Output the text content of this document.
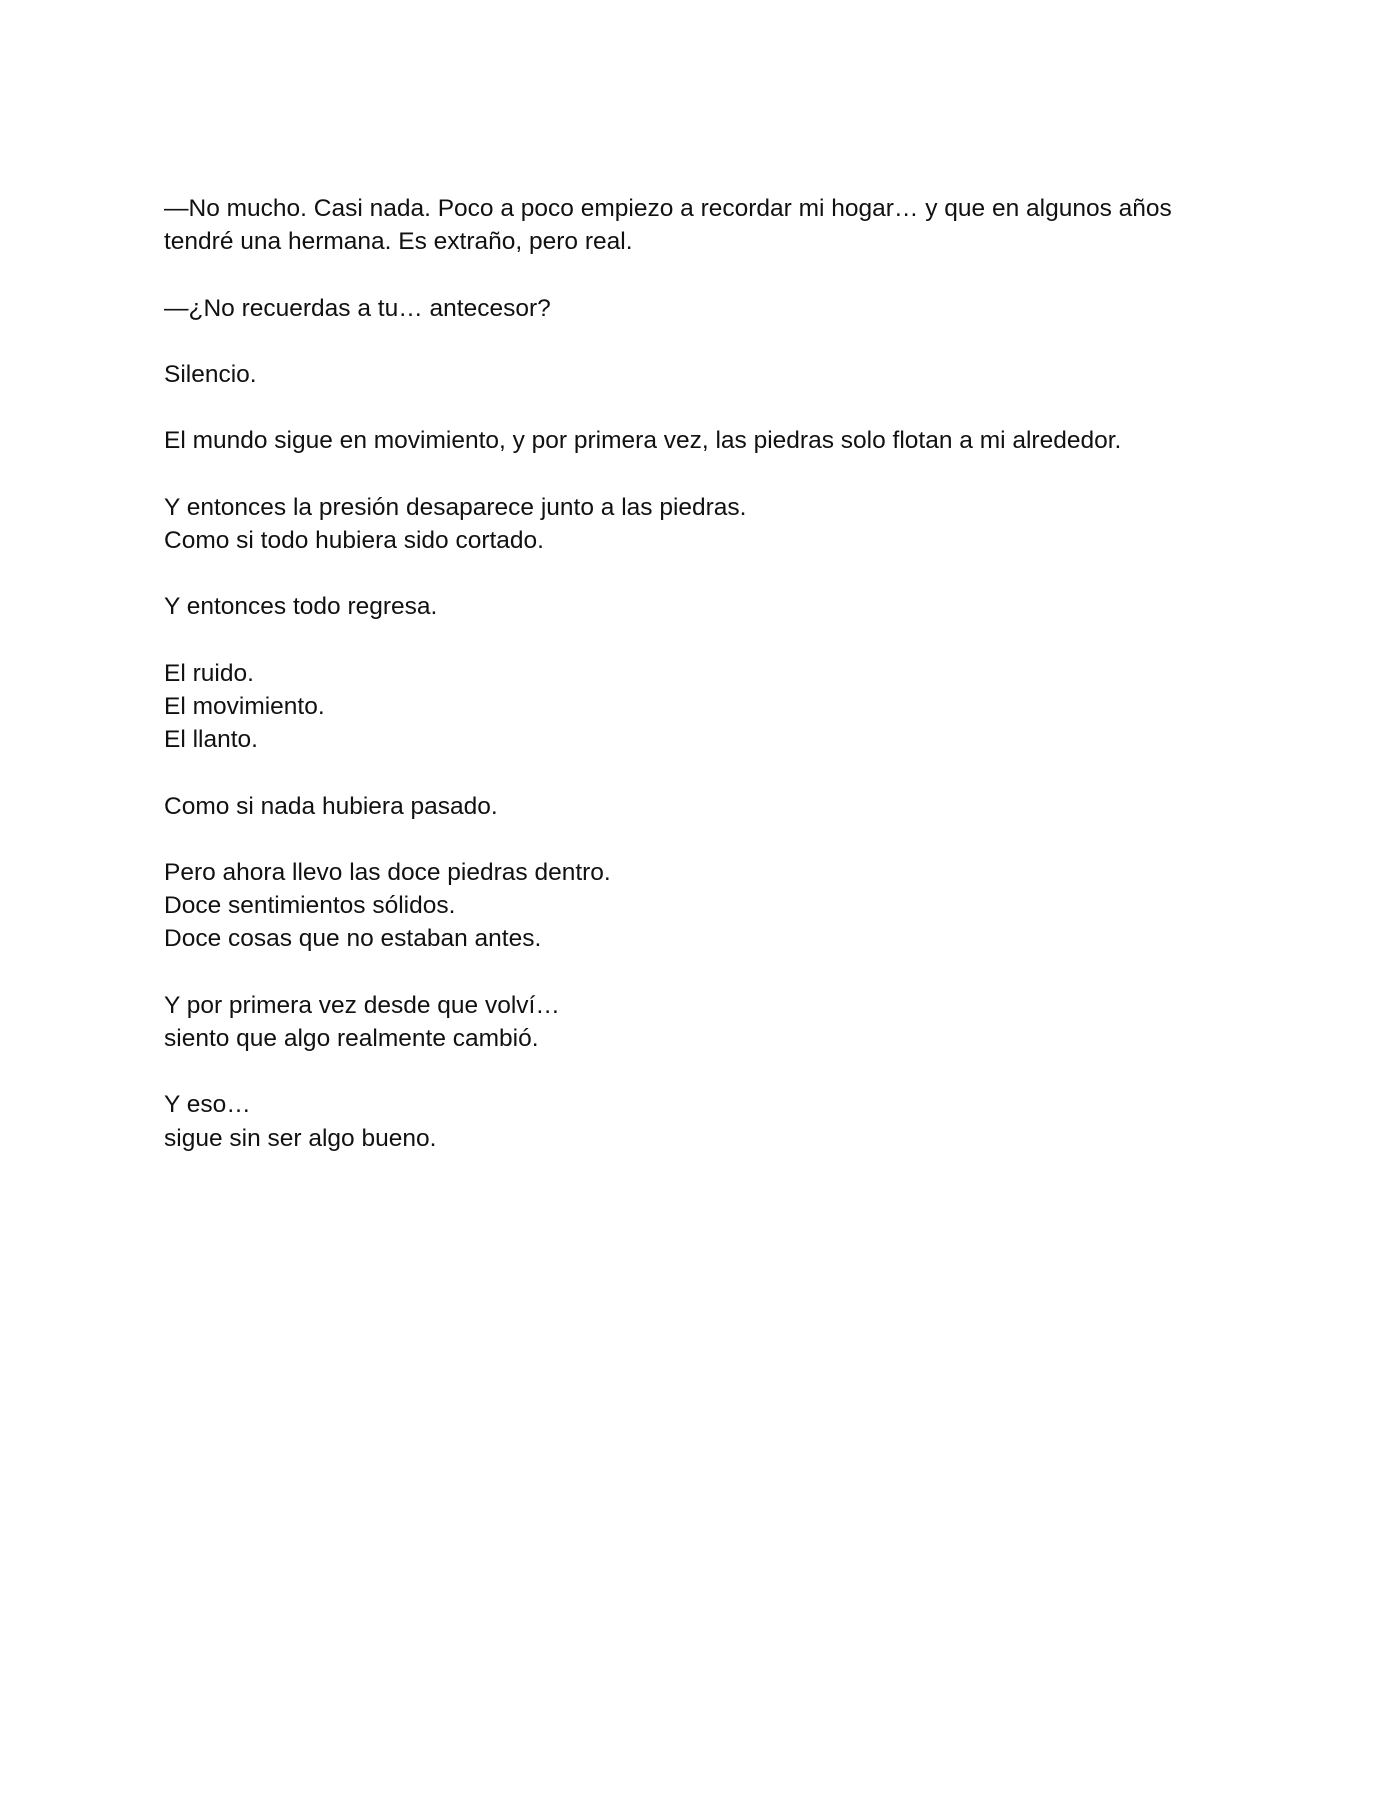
—No mucho. Casi nada. Poco a poco empiezo a recordar mi hogar… y que en algunos años tendré una hermana. Es extraño, pero real.

—¿No recuerdas a tu… antecesor?

Silencio.

El mundo sigue en movimiento, y por primera vez, las piedras solo flotan a mi alrededor.

Y entonces la presión desaparece junto a las piedras.
Como si todo hubiera sido cortado.

Y entonces todo regresa.

El ruido.
El movimiento.
El llanto.

Como si nada hubiera pasado.

Pero ahora llevo las doce piedras dentro.
Doce sentimientos sólidos.
Doce cosas que no estaban antes.

Y por primera vez desde que volví…
siento que algo realmente cambió.

Y eso…
sigue sin ser algo bueno.
